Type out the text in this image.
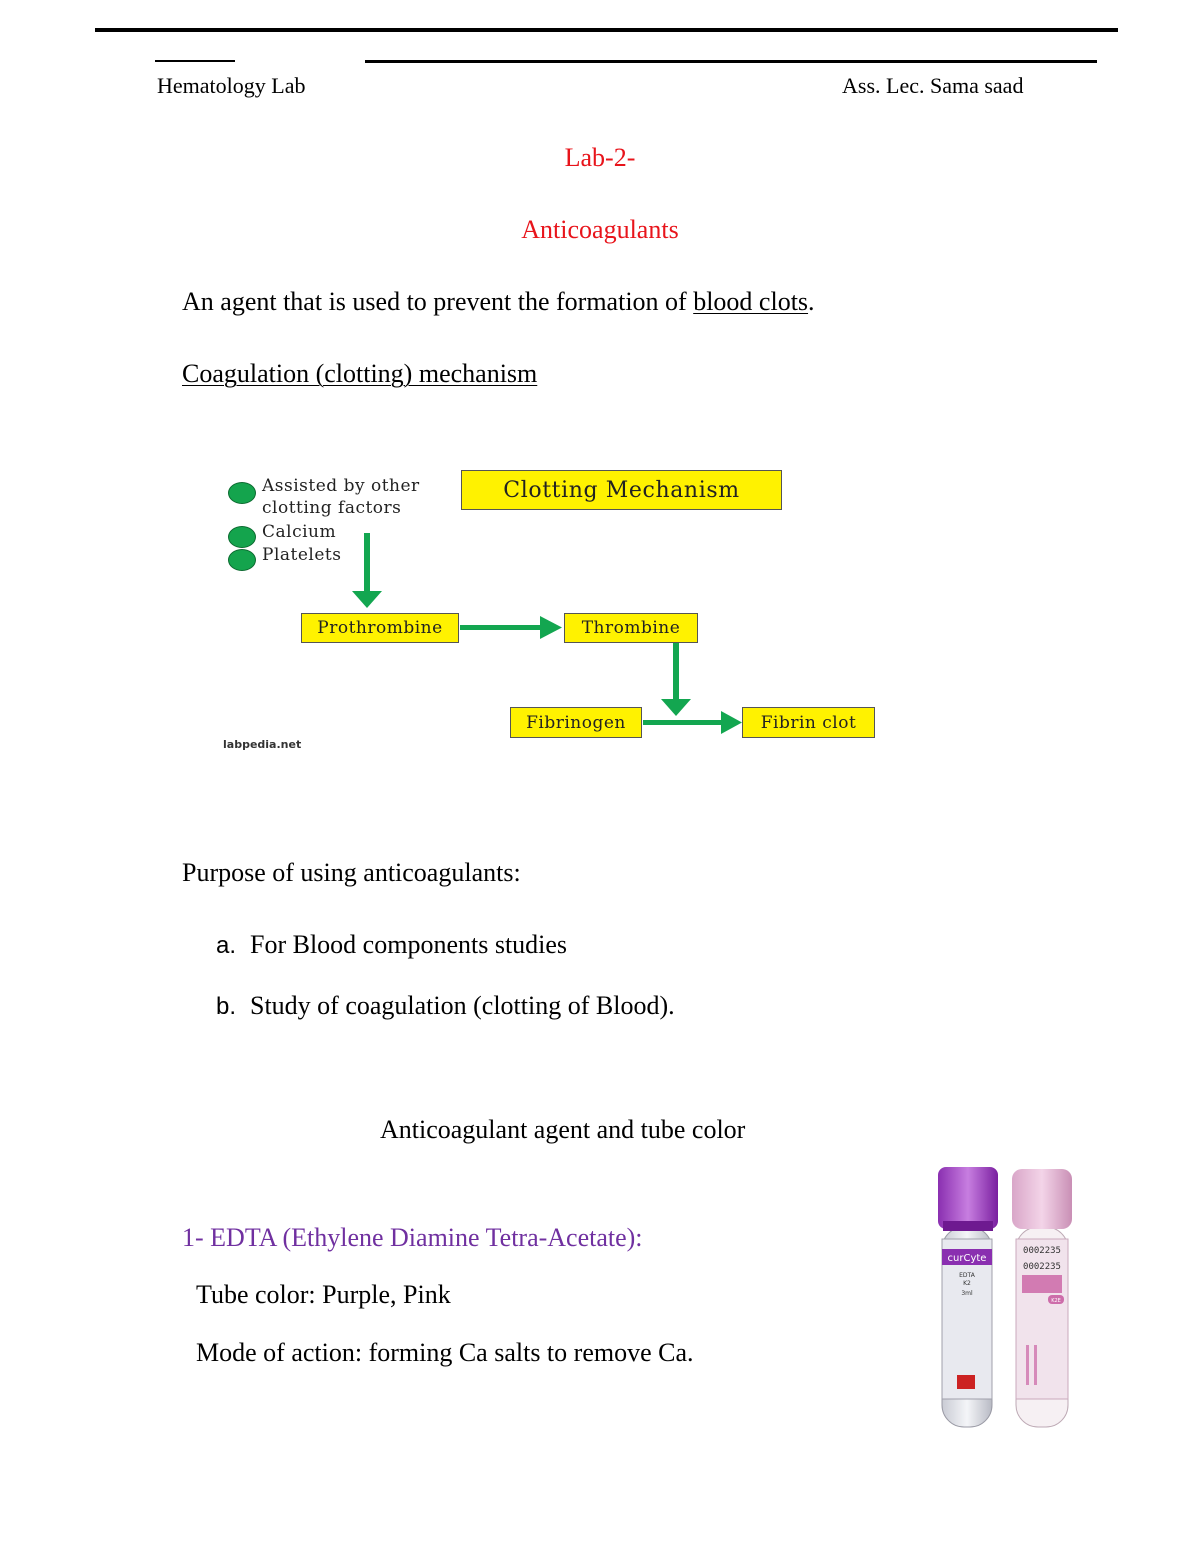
Hematology Lab	Ass. Lec. Sama saad
Lab-2-
Anticoagulants
An agent that is used to prevent the formation of blood clots.
Coagulation (clotting) mechanism
Assisted by other
clotting factors
Calcium
Platelets
Clotting Mechanism
Prothrombine	Thrombine
Fibrinogen	Fibrin clot
labpedia.net
Purpose of using anticoagulants:
a. For Blood components studies
b. Study of coagulation (clotting of Blood).
Anticoagulant agent and tube color
1- EDTA (Ethylene Diamine Tetra-Acetate):
Tube color: Purple, Pink
Mode of action: forming Ca salts to remove Ca.
curCyte
EDTA
K2
3ml
0002235
0002235
K2E
